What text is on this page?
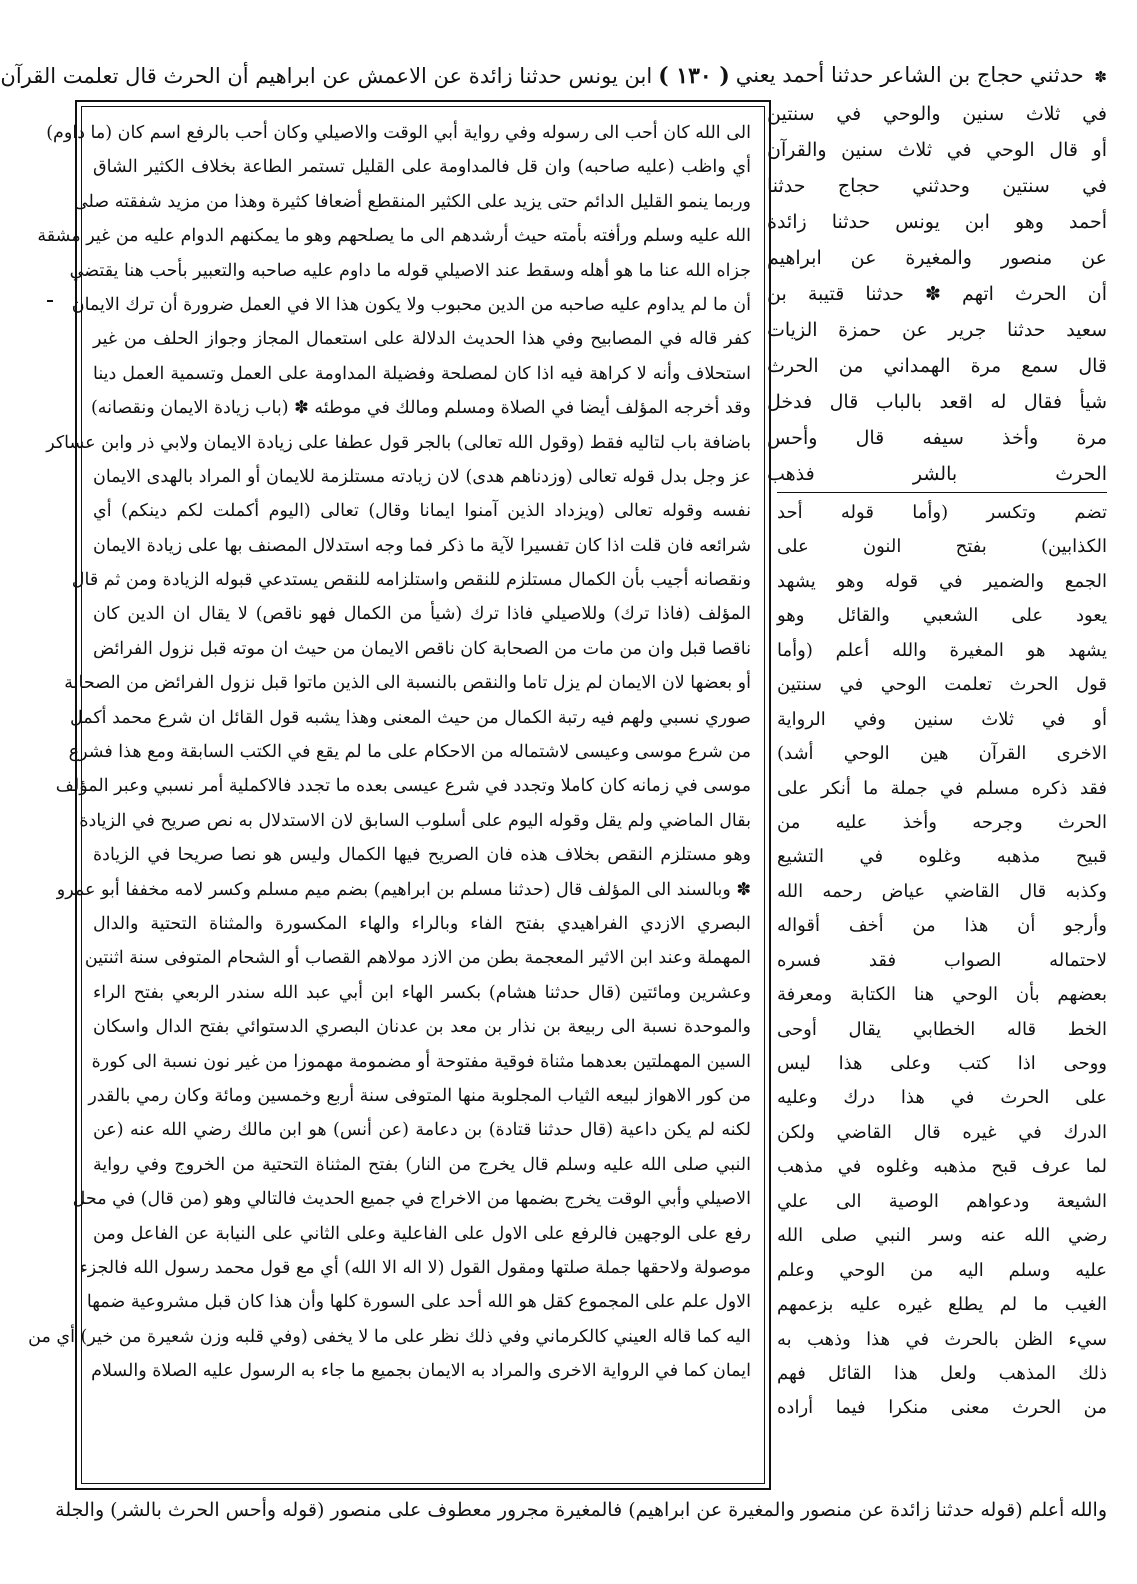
✽ حدثني حجاج بن الشاعر حدثنا أحمد يعني
( ١٣٠ )
ابن يونس حدثنا زائدة عن الاعمش عن ابراهيم أن الحرث قال تعلمت القرآن
في ثلاث سنين والوحي في سنتين
أو قال الوحي في ثلاث سنين والقرآن
في سنتين وحدثني حجاج حدثنا
أحمد وهو ابن يونس حدثنا زائدة
عن منصور والمغيرة عن ابراهيم
أن الحرث اتهم ✽ حدثنا قتيبة بن
سعيد حدثنا جرير عن حمزة الزيات
قال سمع مرة الهمداني من الحرث
شيأ فقال له اقعد بالباب قال فدخل
مرة وأخذ سيفه قال وأحس
الحرث بالشر فذهب
تضم وتكسر (وأما قوله أحد
الكذابين) بفتح النون على
الجمع والضمير في قوله وهو يشهد
يعود على الشعبي والقائل وهو
يشهد هو المغيرة والله أعلم (وأما
قول الحرث تعلمت الوحي في سنتين
أو في ثلاث سنين وفي الرواية
الاخرى القرآن هين الوحي أشد)
فقد ذكره مسلم في جملة ما أنكر على
الحرث وجرحه وأخذ عليه من
قبيح مذهبه وغلوه في التشيع
وكذبه قال القاضي عياض رحمه الله
وأرجو أن هذا من أخف أقواله
لاحتماله الصواب فقد فسره
بعضهم بأن الوحي هنا الكتابة ومعرفة
الخط قاله الخطابي يقال أوحى
ووحى اذا كتب وعلى هذا ليس
على الحرث في هذا درك وعليه
الدرك في غيره قال القاضي ولكن
لما عرف قبح مذهبه وغلوه في مذهب
الشيعة ودعواهم الوصية الى علي
رضي الله عنه وسر النبي صلى الله
عليه وسلم اليه من الوحي وعلم
الغيب ما لم يطلع غيره عليه بزعمهم
سيء الظن بالحرث في هذا وذهب به
ذلك المذهب ولعل هذا القائل فهم
من الحرث معنى منكرا فيما أراده
الى الله كان أحب الى رسوله وفي رواية أبي الوقت والاصيلي وكان أحب بالرفع اسم كان (ما داوم)
أي واظب (عليه صاحبه) وان قل فالمداومة على القليل تستمر الطاعة بخلاف الكثير الشاق
وربما ينمو القليل الدائم حتى يزيد على الكثير المنقطع أضعافا كثيرة وهذا من مزيد شفقته صلى
الله عليه وسلم ورأفته بأمته حيث أرشدهم الى ما يصلحهم وهو ما يمكنهم الدوام عليه من غير مشقة
جزاه الله عنا ما هو أهله وسقط عند الاصيلي قوله ما داوم عليه صاحبه والتعبير بأحب هنا يقتضي
أن ما لم يداوم عليه صاحبه من الدين محبوب ولا يكون هذا الا في العمل ضرورة أن ترك الايمان
كفر قاله في المصابيح وفي هذا الحديث الدلالة على استعمال المجاز وجواز الحلف من غير
استحلاف وأنه لا كراهة فيه اذا كان لمصلحة وفضيلة المداومة على العمل وتسمية العمل دينا
وقد أخرجه المؤلف أيضا في الصلاة ومسلم ومالك في موطئه ✽ (باب زيادة الايمان ونقصانه)
باضافة باب لتاليه فقط (وقول الله تعالى) بالجر قول عطفا على زيادة الايمان ولابي ذر وابن عساكر
عز وجل بدل قوله تعالى (وزدناهم هدى) لان زيادته مستلزمة للايمان أو المراد بالهدى الايمان
نفسه وقوله تعالى (ويزداد الذين آمنوا ايمانا وقال) تعالى (اليوم أكملت لكم دينكم) أي
شرائعه فان قلت اذا كان تفسيرا لآية ما ذكر فما وجه استدلال المصنف بها على زيادة الايمان
ونقصانه أجيب بأن الكمال مستلزم للنقص واستلزامه للنقص يستدعي قبوله الزيادة ومن ثم قال
المؤلف (فاذا ترك) وللاصيلي فاذا ترك (شيأ من الكمال فهو ناقص) لا يقال ان الدين كان
ناقصا قبل وان من مات من الصحابة كان ناقص الايمان من حيث ان موته قبل نزول الفرائض
أو بعضها لان الايمان لم يزل تاما والنقص بالنسبة الى الذين ماتوا قبل نزول الفرائض من الصحابة
صوري نسبي ولهم فيه رتبة الكمال من حيث المعنى وهذا يشبه قول القائل ان شرع محمد أكمل
من شرع موسى وعيسى لاشتماله من الاحكام على ما لم يقع في الكتب السابقة ومع هذا فشرع
موسى في زمانه كان كاملا وتجدد في شرع عيسى بعده ما تجدد فالاكملية أمر نسبي وعبر المؤلف
بقال الماضي ولم يقل وقوله اليوم على أسلوب السابق لان الاستدلال به نص صريح في الزيادة
وهو مستلزم النقص بخلاف هذه فان الصريح فيها الكمال وليس هو نصا صريحا في الزيادة
✽ وبالسند الى المؤلف قال (حدثنا مسلم بن ابراهيم) بضم ميم مسلم وكسر لامه مخففا أبو عمرو
البصري الازدي الفراهيدي بفتح الفاء وبالراء والهاء المكسورة والمثناة التحتية والدال
المهملة وعند ابن الاثير المعجمة بطن من الازد مولاهم القصاب أو الشحام المتوفى سنة اثنتين
وعشرين ومائتين (قال حدثنا هشام) بكسر الهاء ابن أبي عبد الله سندر الربعي بفتح الراء
والموحدة نسبة الى ربيعة بن نذار بن معد بن عدنان البصري الدستوائي بفتح الدال واسكان
السين المهملتين بعدهما مثناة فوقية مفتوحة أو مضمومة مهموزا من غير نون نسبة الى كورة
من كور الاهواز لبيعه الثياب المجلوبة منها المتوفى سنة أربع وخمسين ومائة وكان رمي بالقدر
لكنه لم يكن داعية (قال حدثنا قتادة) بن دعامة (عن أنس) هو ابن مالك رضي الله عنه (عن
النبي صلى الله عليه وسلم قال يخرج من النار) بفتح المثناة التحتية من الخروج وفي رواية
الاصيلي وأبي الوقت يخرج بضمها من الاخراج في جميع الحديث فالتالي وهو (من قال) في محل
رفع على الوجهين فالرفع على الاول على الفاعلية وعلى الثاني على النيابة عن الفاعل ومن
موصولة ولاحقها جملة صلتها ومقول القول (لا اله الا الله) أي مع قول محمد رسول الله فالجزء
الاول علم على المجموع كقل هو الله أحد على السورة كلها وأن هذا كان قبل مشروعية ضمها
اليه كما قاله العيني كالكرماني وفي ذلك نظر على ما لا يخفى (وفي قلبه وزن شعيرة من خير) أي من
ايمان كما في الرواية الاخرى والمراد به الايمان بجميع ما جاء به الرسول عليه الصلاة والسلام
والله أعلم (قوله حدثنا زائدة عن منصور والمغيرة عن ابراهيم) فالمغيرة مجرور معطوف على منصور (قوله وأحس الحرث بالشر) والجلة
